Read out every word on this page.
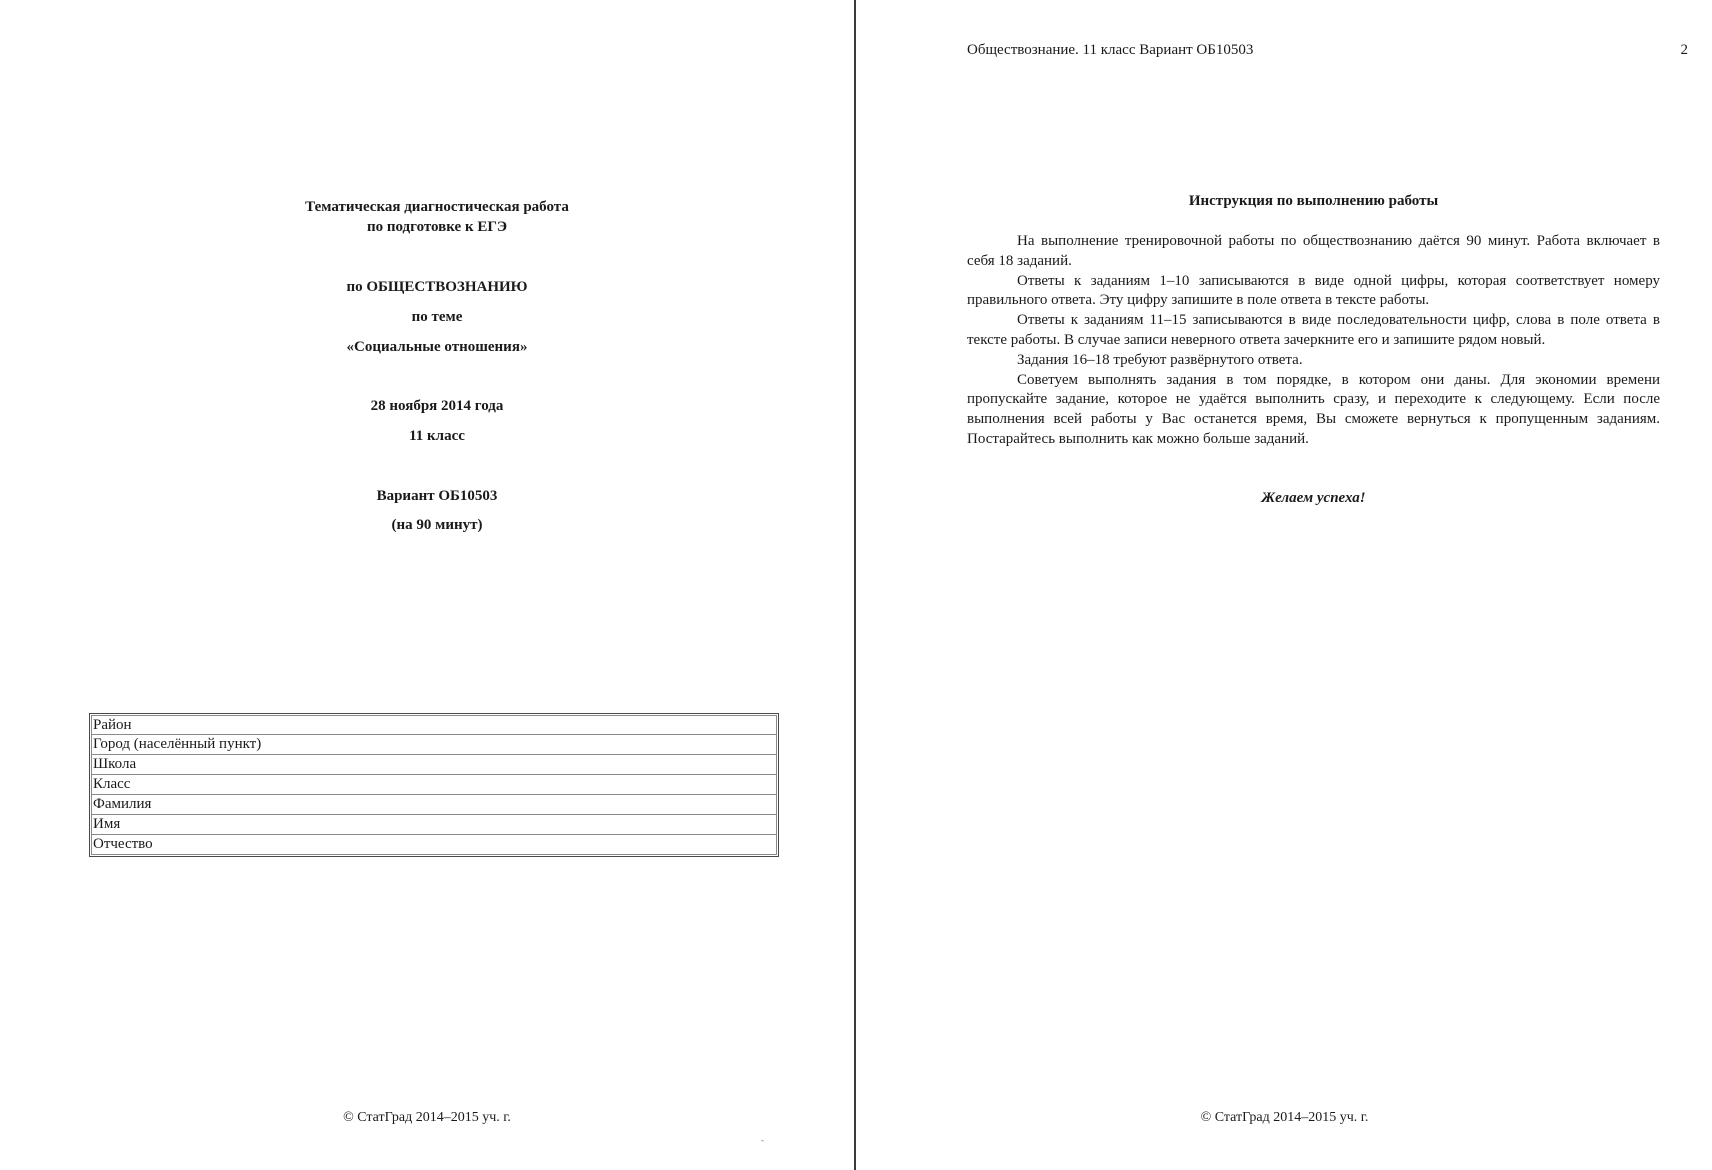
Тематическая диагностическая работа
по подготовке к ЕГЭ
по ОБЩЕСТВОЗНАНИЮ
по теме
«Социальные отношения»
28 ноября 2014 года
11 класс
Вариант ОБ10503
(на 90 минут)
Район
Город (населённый пункт)
Школа
Класс
Фамилия
Имя
Отчество
© СтатГрад 2014–2015 уч. г.
-
Обществознание. 11 класс Вариант ОБ10503	2
Инструкция по выполнению работы

На выполнение тренировочной работы по обществознанию даётся 90 минут. Работа включает в себя 18 заданий.

Ответы к заданиям 1–10 записываются в виде одной цифры, которая соответствует номеру правильного ответа. Эту цифру запишите в поле ответа в тексте работы.

Ответы к заданиям 11–15 записываются в виде последовательности цифр, слова в поле ответа в тексте работы. В случае записи неверного ответа зачеркните его и запишите рядом новый.

Задания 16–18 требуют развёрнутого ответа.

Советуем выполнять задания в том порядке, в котором они даны. Для экономии времени пропускайте задание, которое не удаётся выполнить сразу, и переходите к следующему. Если после выполнения всей работы у Вас останется время, Вы сможете вернуться к пропущенным заданиям. Постарайтесь выполнить как можно больше заданий.

Желаем успеха!
© СтатГрад 2014–2015 уч. г.
